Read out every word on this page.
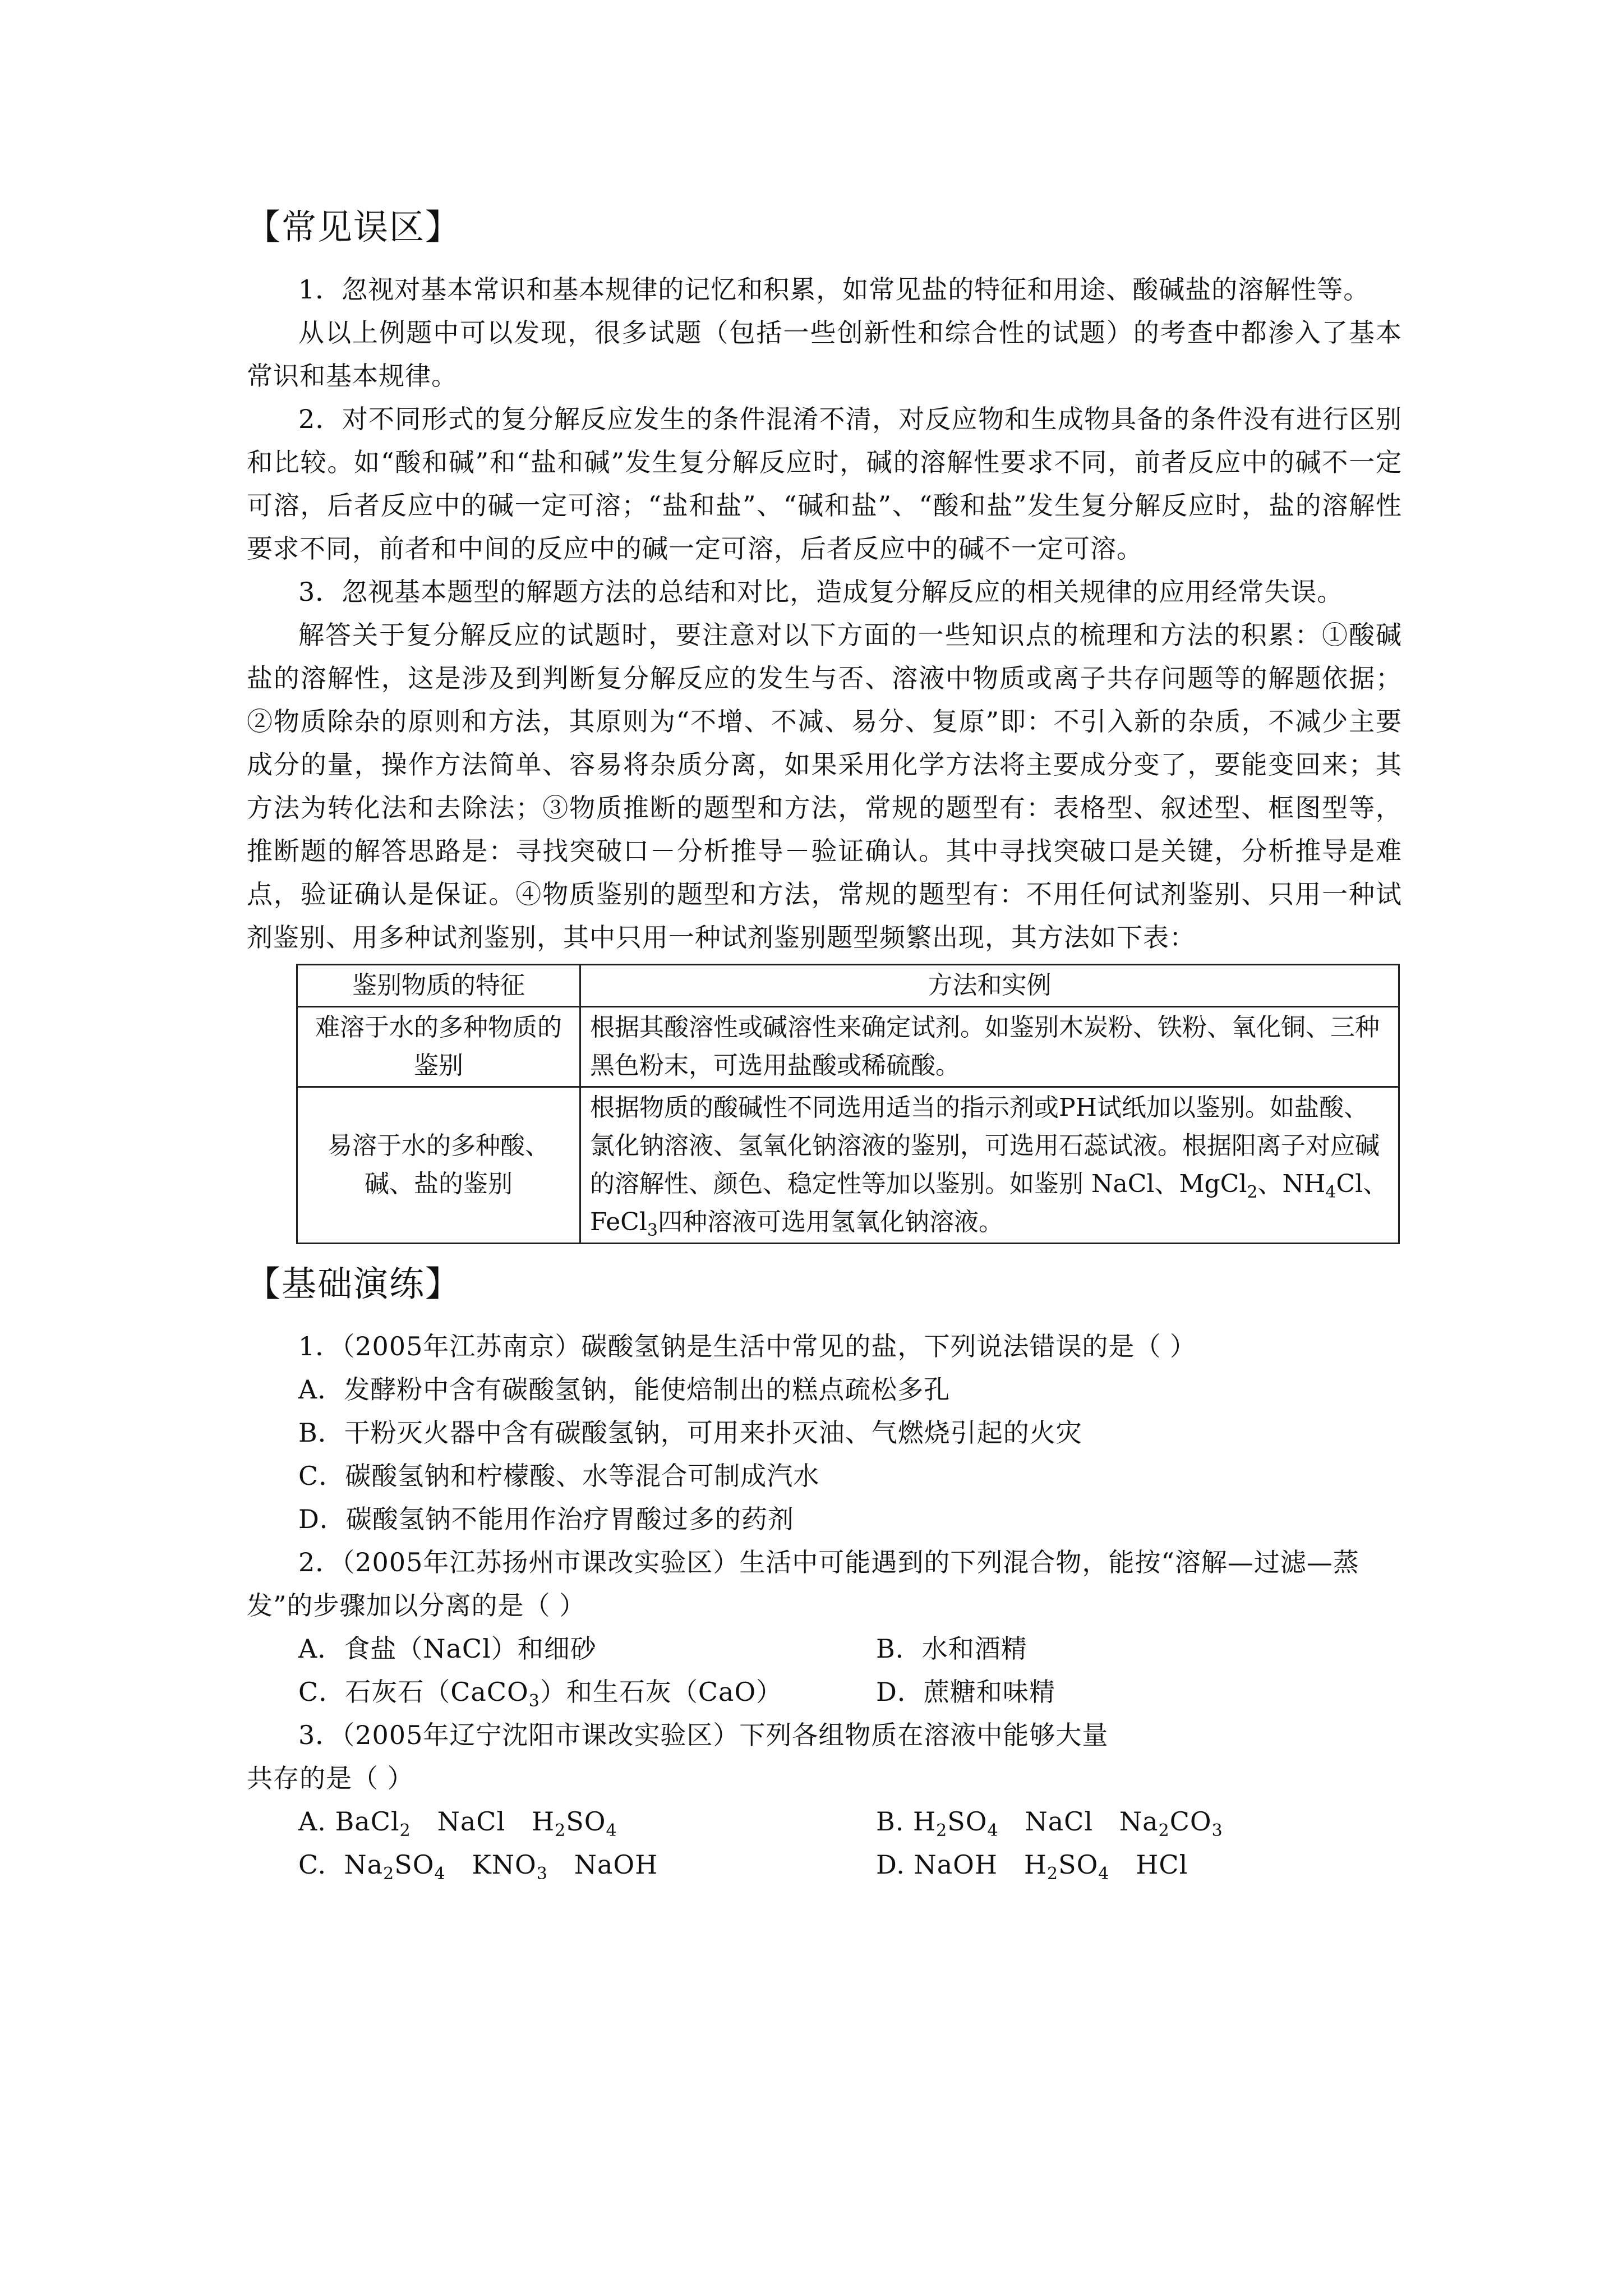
【常见误区】

1．忽视对基本常识和基本规律的记忆和积累，如常见盐的特征和用途、酸碱盐的溶解性等。

从以上例题中可以发现，很多试题（包括一些创新性和综合性的试题）的考查中都渗入了基本常识和基本规律。

2．对不同形式的复分解反应发生的条件混淆不清，对反应物和生成物具备的条件没有进行区别和比较。如“酸和碱”和“盐和碱”发生复分解反应时，碱的溶解性要求不同，前者反应中的碱不一定可溶，后者反应中的碱一定可溶；“盐和盐”、“碱和盐”、“酸和盐”发生复分解反应时，盐的溶解性要求不同，前者和中间的反应中的碱一定可溶，后者反应中的碱不一定可溶。

3．忽视基本题型的解题方法的总结和对比，造成复分解反应的相关规律的应用经常失误。

解答关于复分解反应的试题时，要注意对以下方面的一些知识点的梳理和方法的积累：①酸碱盐的溶解性，这是涉及到判断复分解反应的发生与否、溶液中物质或离子共存问题等的解题依据；②物质除杂的原则和方法，其原则为“不增、不减、易分、复原”即：不引入新的杂质，不减少主要成分的量，操作方法简单、容易将杂质分离，如果采用化学方法将主要成分变了，要能变回来；其方法为转化法和去除法；③物质推断的题型和方法，常规的题型有：表格型、叙述型、框图型等，推断题的解答思路是：寻找突破口－分析推导－验证确认。其中寻找突破口是关键，分析推导是难点，验证确认是保证。④物质鉴别的题型和方法，常规的题型有：不用任何试剂鉴别、只用一种试剂鉴别、用多种试剂鉴别，其中只用一种试剂鉴别题型频繁出现，其方法如下表：

鉴别物质的特征	方法和实例
难溶于水的多种物质的鉴别	根据其酸溶性或碱溶性来确定试剂。如鉴别木炭粉、铁粉、氧化铜、三种黑色粉末，可选用盐酸或稀硫酸。
易溶于水的多种酸、碱、盐的鉴别	根据物质的酸碱性不同选用适当的指示剂或PH试纸加以鉴别。如盐酸、氯化钠溶液、氢氧化钠溶液的鉴别，可选用石蕊试液。根据阳离子对应碱的溶解性、颜色、稳定性等加以鉴别。如鉴别 NaCl、MgCl$_2$、$NH_4Cl$、FeCl$_3$四种溶液可选用氢氧化钠溶液。
【基础演练】

1．（2005年江苏南京）碳酸氢钠是生活中常见的盐，下列说法错误的是（ ）

A．发酵粉中含有碳酸氢钠，能使焙制出的糕点疏松多孔
B．干粉灭火器中含有碳酸氢钠，可用来扑灭油、气燃烧引起的火灾
C．碳酸氢钠和柠檬酸、水等混合可制成汽水
D．碳酸氢钠不能用作治疗胃酸过多的药剂

2．（2005年江苏扬州市课改实验区）生活中可能遇到的下列混合物，能按“溶解—过滤—蒸发”的步骤加以分离的是（ ）

A．食盐（NaCl）和细砂	B．水和酒精
C．石灰石（CaCO$_3$）和生石灰（CaO）	D．蔗糖和味精

3．（2005年辽宁沈阳市课改实验区）下列各组物质在溶液中能够大量

共存的是（ ）

A. BaCl$_2$   NaCl   $H_2SO_4$	B. $H_2SO_4$   NaCl   $Na_2CO_3$
C.  $Na_2SO_4$   $KNO_3$   NaOH	D. NaOH   $H_2SO_4$   HCl
